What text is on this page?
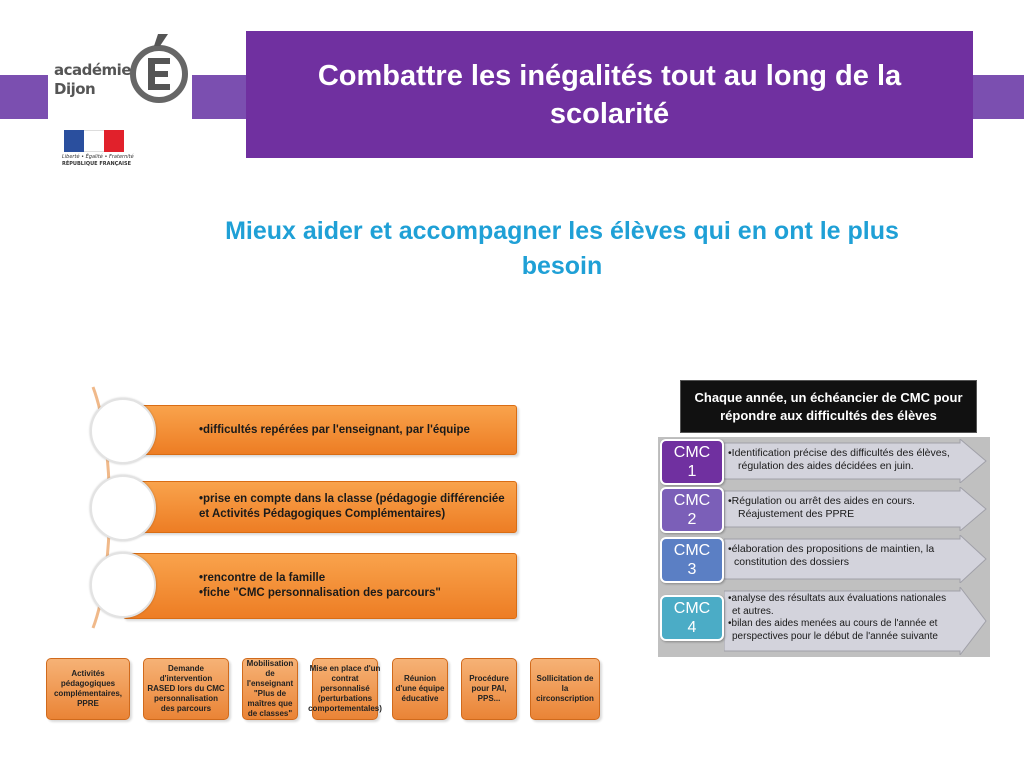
académie
Dijon
Liberté • Égalité • Fraternité
RÉPUBLIQUE FRANÇAISE
Combattre les inégalités tout au long de la scolarité
Mieux aider et accompagner les élèves qui en ont le plus besoin
• difficultés repérées par l'enseignant, par l'équipe
• prise en compte dans la classe (pédagogie différenciée et Activités Pédagogiques Complémentaires)
• rencontre de la famille
• fiche "CMC personnalisation des parcours"
Activités pédagogiques complémentaires, PPRE
Demande d'intervention RASED lors du CMC personnalisation des parcours
Mobilisation de l'enseignant "Plus de maîtres que de classes"
Mise en place d'un contrat personnalisé (perturbations comportementales)
Réunion d'une équipe éducative
Procédure pour PAI, PPS...
Sollicitation de la circonscription
Chaque année, un échéancier de CMC pour répondre aux difficultés des élèves
•Identification précise des difficultés des élèves,
régulation des aides décidées en juin.
CMC
1
•Régulation ou arrêt des aides en cours.
Réajustement des PPRE
CMC
2
•élaboration des propositions de maintien, la
constitution des dossiers
CMC
3
•analyse des résultats aux évaluations nationales
et autres.
•bilan des aides menées au cours de l'année et
perspectives pour le début de l'année suivante
CMC
4
